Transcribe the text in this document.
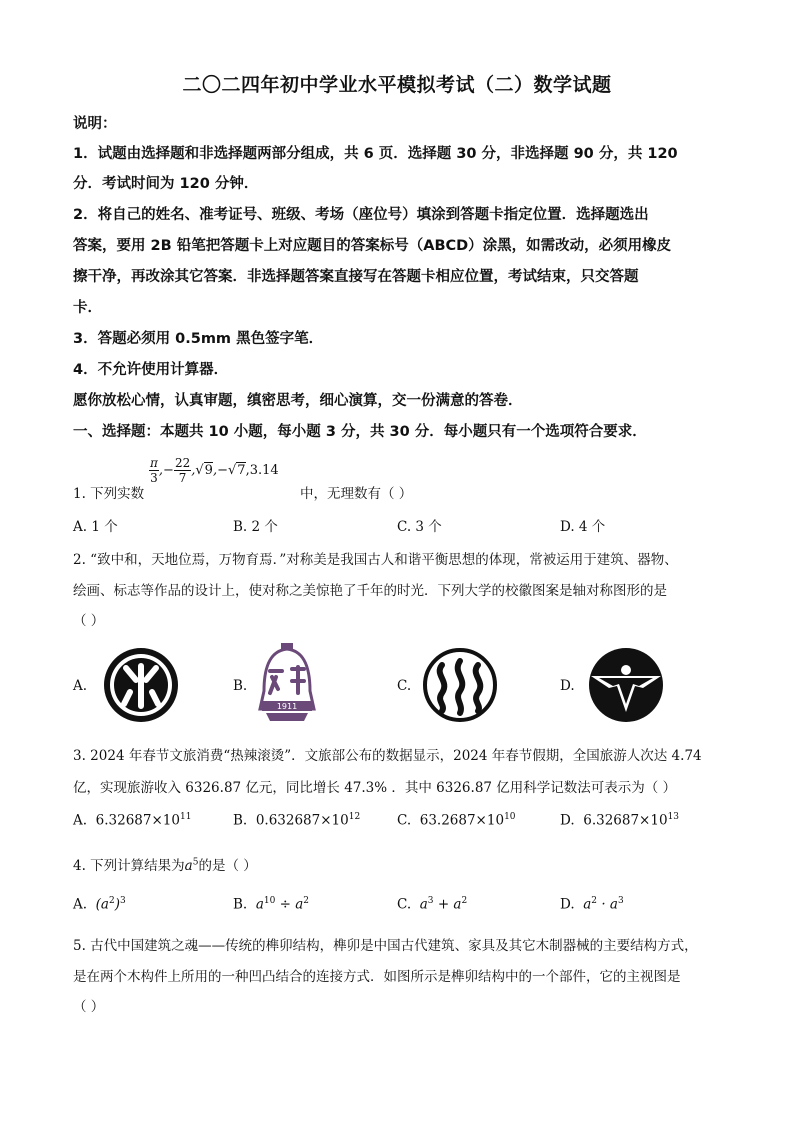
二〇二四年初中学业水平模拟考试（二）数学试题
说明：
1．试题由选择题和非选择题两部分组成，共 6 页．选择题 30 分，非选择题 90 分，共 120
分．考试时间为 120 分钟．
2．将自己的姓名、准考证号、班级、考场（座位号）填涂到答题卡指定位置．选择题选出
答案，要用 2B 铅笔把答题卡上对应题目的答案标号（ABCD）涂黑，如需改动，必须用橡皮
擦干净，再改涂其它答案．非选择题答案直接写在答题卡相应位置，考试结束，只交答题
卡．
3．答题必须用 0.5mm 黑色签字笔．
4．不允许使用计算器．
愿你放松心情，认真审题，缜密思考，细心演算，交一份满意的答卷．
一、选择题：本题共 10 小题，每小题 3 分，共 30 分．每小题只有一个选项符合要求．
$\frac{\pi}{3}$ ,− $\frac{22}{7} ,√9,-√7,3.14$
1. 下列实数	中，无理数有（ ）
A. 1 个	B. 2 个	C. 3 个	D. 4 个
2. “致中和，天地位焉，万物育焉．”对称美是我国古人和谐平衡思想的体现，常被运用于建筑、器物、
绘画、标志等作品的设计上，使对称之美惊艳了千年的时光．下列大学的校徽图案是轴对称图形的是
（ ）
A.	B.
1911
C.	D.
3. 2024 年春节文旅消费“热辣滚烫”．文旅部公布的数据显示，2024 年春节假期，全国旅游人次达 4.74
亿，实现旅游收入 6326.87 亿元，同比增长 47.3% ．其中 6326.87 亿用科学记数法可表示为（ ）
A. $6.32687\times 10^{11}$	B. $0.632687\times 10^{12}$	C. $63.2687\times 10^{10}$	D. $6.32687\times 10^{13}$
4. 下列计算结果为$a^5$的是（ ）
A. $(a^2)^3$	B. $a^{10} \div a^2$	C. $a^3 + a^2$	D. $a^2 \cdot a^3$
5. 古代中国建筑之魂——传统的榫卯结构，榫卯是中国古代建筑、家具及其它木制器械的主要结构方式，
是在两个木构件上所用的一种凹凸结合的连接方式．如图所示是榫卯结构中的一个部件，它的主视图是
（ ）
